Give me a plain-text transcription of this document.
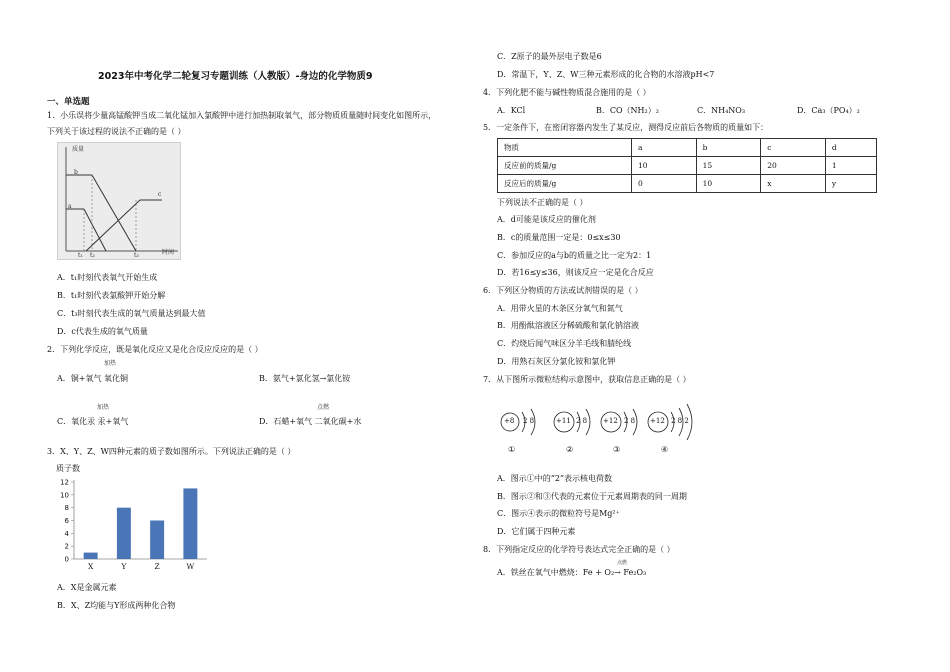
2023年中考化学二轮复习专题训练（人教版）-身边的化学物质9
一、单选题
1．小乐误将少量高锰酸钾当成二氧化锰加入氯酸钾中进行加热制取氧气，部分物质质量随时间变化如图所示，
下列关于该过程的说法不正确的是（ ）
质量
时间
b
a
c
t₁ t₂	t₃
A．t₁时刻代表氧气开始生成
B．t₁时刻代表氯酸钾开始分解
C．t₃时刻代表生成的氧气质量达到最大值
D．c代表生成的氧气质量
2．下列化学反应，既是氧化反应又是化合反应反应的是（ ）
加热
A．铜+氧气 氧化铜	B．氨气+氯化氢→氯化铵
加热
C．氧化汞 汞+氧气
点燃
D．石蜡+氧气 二氧化碳+水
3．X、Y、Z、W四种元素的质子数如图所示。下列说法正确的是（ ）
质子数
0
2
4
6
8
10
12
X	Y	Z	W
A．X是金属元素
B．X、Z均能与Y形成两种化合物
C．Z原子的最外层电子数是6
D．常温下，Y、Z、W三种元素形成的化合物的水溶液pH<7
4．下列化肥不能与碱性物质混合施用的是（ ）
A．KCl	B．CO（NH₂）₂	C．NH₄NO₃	D．Ca₃（PO₄）₂
5．一定条件下，在密闭容器内发生了某反应，测得反应前后各物质的质量如下：
物质	a	b	c	d
反应前的质量/g	10	15	20	1
反应后的质量/g	0	10	x	y
下列说法不正确的是（ ）
A．d可能是该反应的催化剂
B．c的质量范围一定是：0≤x≤30
C．参加反应的a与b的质量之比一定为2：1
D．若16≤y≤36，则该反应一定是化合反应
6．下列区分物质的方法或试剂错误的是（ ）
A．用带火星的木条区分氧气和氮气
B．用酚酞溶液区分稀硫酸和氯化钠溶液
C．灼烧后闻气味区分羊毛线和腈纶线
D．用熟石灰区分氯化铵和氯化钾
7．从下图所示微粒结构示意图中，获取信息正确的是（ ）
+8 2 8
①
+11 2 8
②
+12 2 8
③
+12 2 8 2
④
A．图示①中的“2”表示核电荷数
B．图示②和③代表的元素位于元素周期表的同一周期
C．图示④表示的微粒符号是Mg²⁺
D．它们属于四种元素
8．下列指定反应的化学符号表达式完全正确的是（ ）
点燃
A．铁丝在氧气中燃烧：Fe + O₂→ Fe₂O₃
